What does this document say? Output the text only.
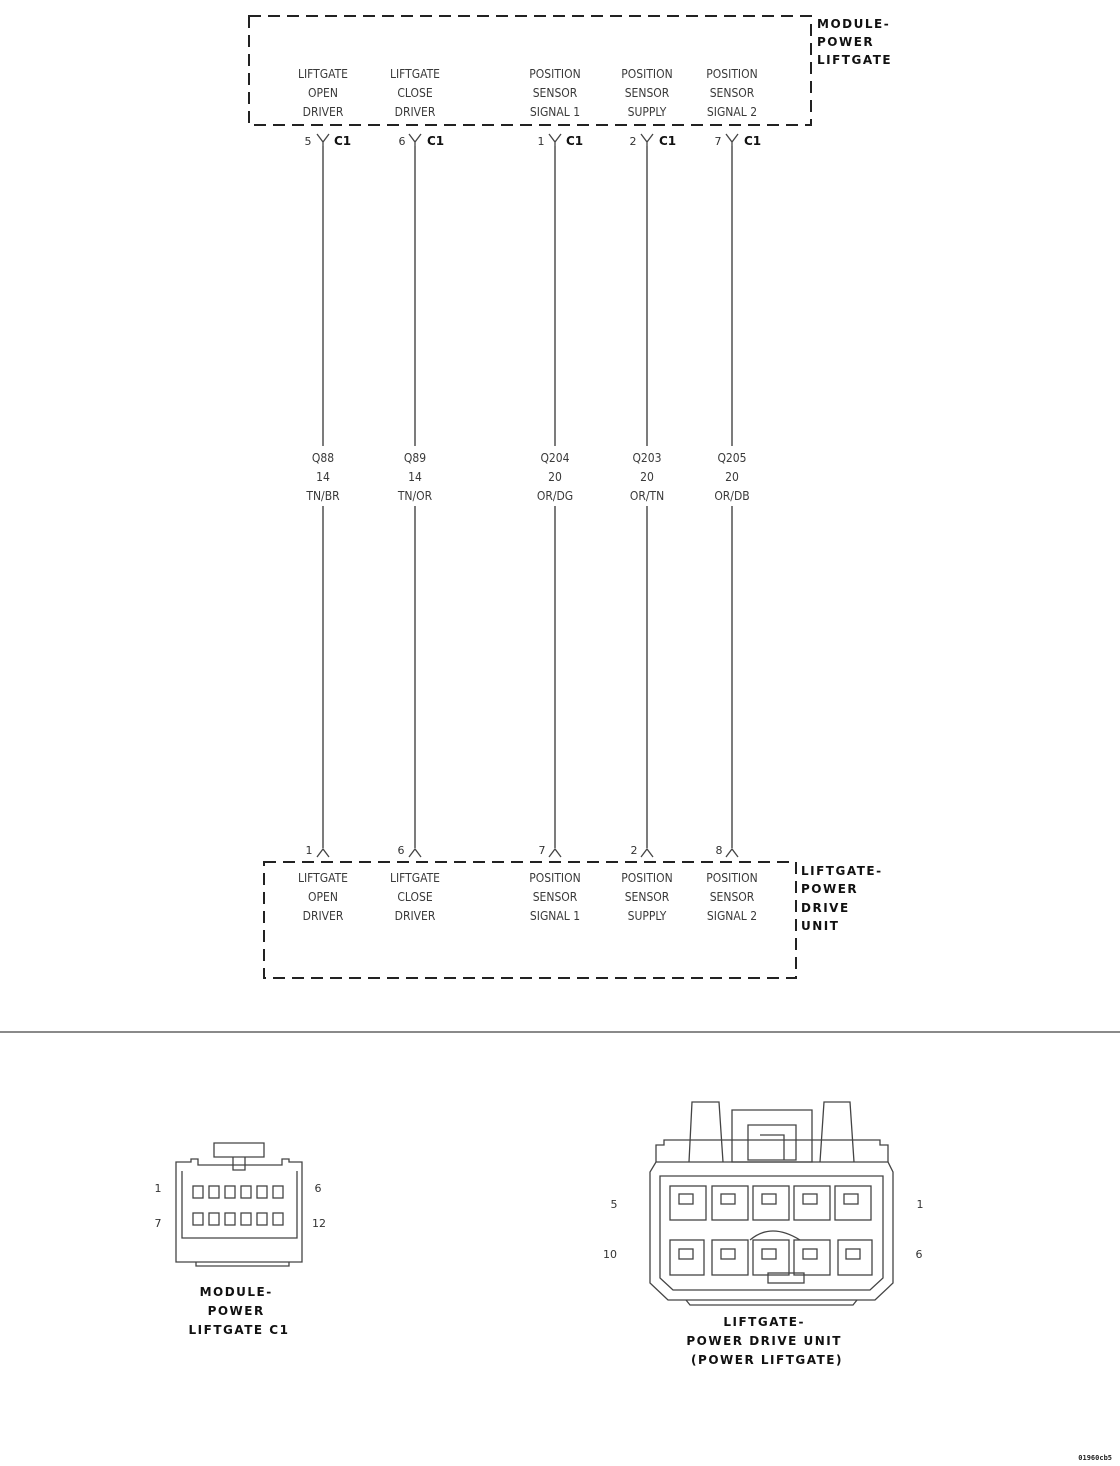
MODULE- POWER LIFTGATE
LIFTGATE
OPEN
DRIVER
LIFTGATE
CLOSE
DRIVER
POSITION
SENSOR
SIGNAL 1
POSITION
SENSOR
SUPPLY
POSITION
SENSOR
SIGNAL 2
5 C1	6 C1	1 C1	2 C1	7 C1
Q88
14
TN/BR
Q89
14
TN/OR
Q204
20
OR/DG
Q203
20
OR/TN
Q205
20
OR/DB
1	6	7	2	8
LIFTGATE- POWER DRIVE UNIT
LIFTGATE
OPEN
DRIVER
LIFTGATE
CLOSE
DRIVER
POSITION
SENSOR
SIGNAL 1
POSITION
SENSOR
SUPPLY
POSITION
SENSOR
SIGNAL 2
1	6
7	12
MODULE- POWER LIFTGATE C1
5	1
10	6
LIFTGATE- POWER DRIVE UNIT (POWER LIFTGATE)
01960cb5
